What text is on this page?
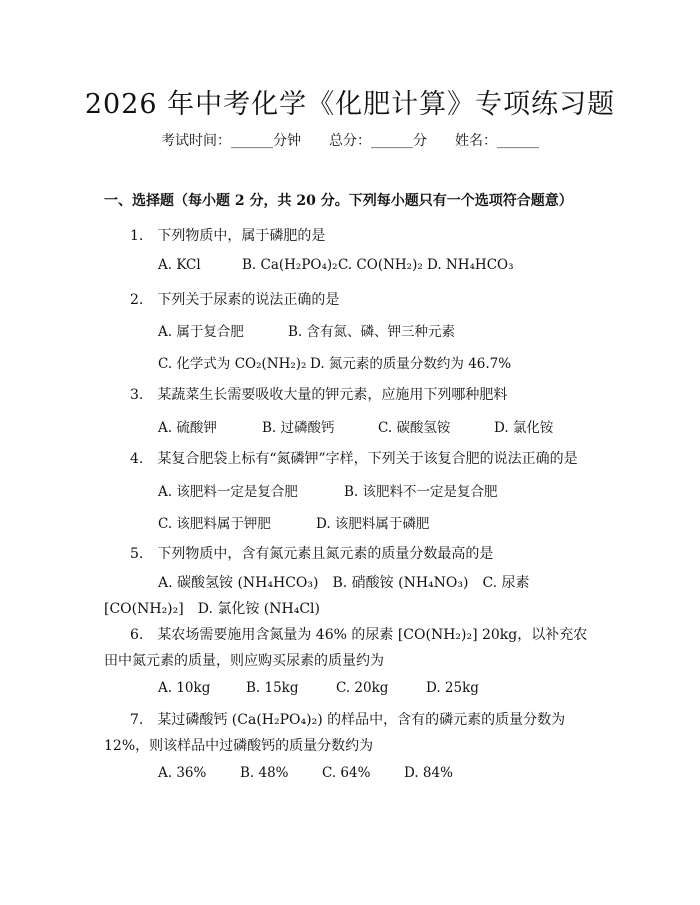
2026 年中考化学《化肥计算》专项练习题
考试时间：______分钟　　总分：______分　　姓名：______
一、选择题（每小题 2 分，共 20 分。下列每小题只有一个选项符合题意）
1.　下列物质中，属于磷肥的是
A. KCl	B. Ca(H₂PO₄)₂ C. CO(NH₂)₂ D. NH₄HCO₃
2.　下列关于尿素的说法正确的是
A. 属于复合肥	B. 含有氮、磷、钾三种元素
C. 化学式为 CO₂(NH₂)₂ D. 氮元素的质量分数约为 46.7%
3.　某蔬菜生长需要吸收大量的钾元素，应施用下列哪种肥料
A. 硫酸钾	B. 过磷酸钙	C. 碳酸氢铵	D. 氯化铵
4.　某复合肥袋上标有“氮磷钾”字样，下列关于该复合肥的说法正确的是
A. 该肥料一定是复合肥	B. 该肥料不一定是复合肥
C. 该肥料属于钾肥	D. 该肥料属于磷肥
5.　下列物质中，含有氮元素且氮元素的质量分数最高的是
A. 碳酸氢铵 (NH₄HCO₃)　B. 硝酸铵 (NH₄NO₃)　C. 尿素 [CO(NH₂)₂]　D. 氯化铵 (NH₄Cl)
6.　某农场需要施用含氮量为 46% 的尿素 [CO(NH₂)₂] 20kg，以补充农田中氮元素的质量，则应购买尿素的质量约为
A. 10kg	B. 15kg	C. 20kg	D. 25kg
7.　某过磷酸钙 (Ca(H₂PO₄)₂) 的样品中，含有的磷元素的质量分数为 12%，则该样品中过磷酸钙的质量分数约为
A. 36% B. 48% C. 64% D. 84%
